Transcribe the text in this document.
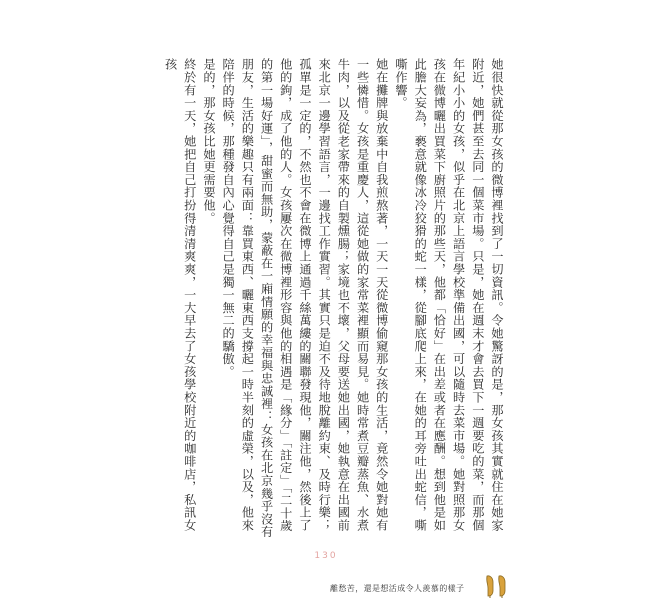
她很快就從那女孩的微博裡找到了一切資訊。令她驚訝的是，那女孩其實就住在她家附近，她們甚至去同一個菜市場。只是，她在週末才會去買下一週要吃的菜，而那個年紀小小的女孩，似乎在北京上語言學校準備出國，可以隨時去菜市場。她對照那女孩在微博曬出買菜下廚照片的那些天，他都「恰好」在出差或者在應酬。想到他是如此膽大妄為，褻意就像冰冷狡猾的蛇一樣，從腳底爬上來，在她的耳旁吐出蛇信，嘶嘶作響。

她在攤牌與放棄中自我煎熬著，一天一天從微博偷窺那女孩的生活，竟然令她對她有一些憐惜。女孩是重慶人，這從她做的家常菜裡顯而易見。她時常煮豆瓣蒸魚、水煮牛肉，以及從老家帶來的自製燻腸；家境也不壞，父母要送她出國，她執意在出國前來北京一邊學習語言，一邊找工作實習。其實只是迫不及待地脫離約束、及時行樂；孤單是一定的，不然也不會在微博上通過千絲萬縷的關聯發現他，關注他，然後上了他的鉤，成了他的人。女孩屢次在微博裡形容與他的相遇是「緣分」「註定」「二十歲的第一場好運」，甜蜜而無助，蒙蔽在一廂情願的幸福與忠誠裡：女孩在北京幾乎沒有朋友，生活的樂趣只有兩面：靠買東西、曬東西支撐起一時半刻的虛榮，以及，他來陪伴的時候，那種發自內心覺得自己是獨一無二的驕傲。

是的，那女孩比她更需要他。

終於有一天，她把自己打扮得清清爽爽，一大早去了女孩學校附近的咖啡店，私訊女孩

130
離愁苦，還是想活成令人羨慕的樣子
